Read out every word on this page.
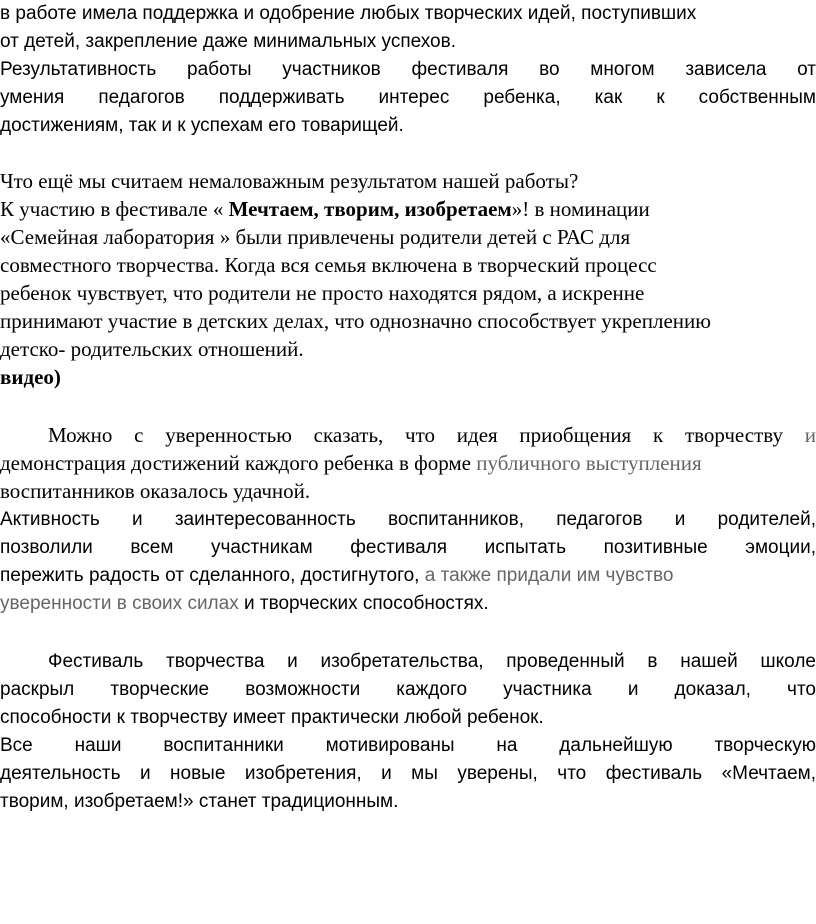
в работе имела поддержка и одобрение любых творческих идей, поступивших
от детей, закрепление даже минимальных успехов.
Результативность работы участников фестиваля во многом зависела от
умения педагогов поддерживать интерес ребенка, как к собственным
достижениям, так и к успехам его товарищей.
Что ещё мы считаем немаловажным результатом нашей работы?
К участию в фестивале « Мечтаем, творим, изобретаем»! в номинации
«Семейная лаборатория » были привлечены родители детей с РАС для
совместного творчества. Когда вся семья включена в творческий процесс
ребенок чувствует, что родители не просто находятся рядом, а искренне
принимают участие в детских делах, что однозначно способствует укреплению
детско- родительских отношений.
видео)
Можно с уверенностью сказать, что идея приобщения к творчеству и
демонстрация достижений каждого ребенка в форме публичного выступления
воспитанников оказалось удачной.
Активность и заинтересованность воспитанников, педагогов и родителей,
позволили всем участникам фестиваля испытать позитивные эмоции,
пережить радость от сделанного, достигнутого, а также придали им чувство
уверенности в своих силах и творческих способностях.
Фестиваль творчества и изобретательства, проведенный в нашей школе
раскрыл творческие возможности каждого участника и доказал, что
способности к творчеству имеет практически любой ребенок.
Все наши воспитанники мотивированы на дальнейшую творческую
деятельность и новые изобретения, и мы уверены, что фестиваль «Мечтаем,
творим, изобретаем!» станет традиционным.
